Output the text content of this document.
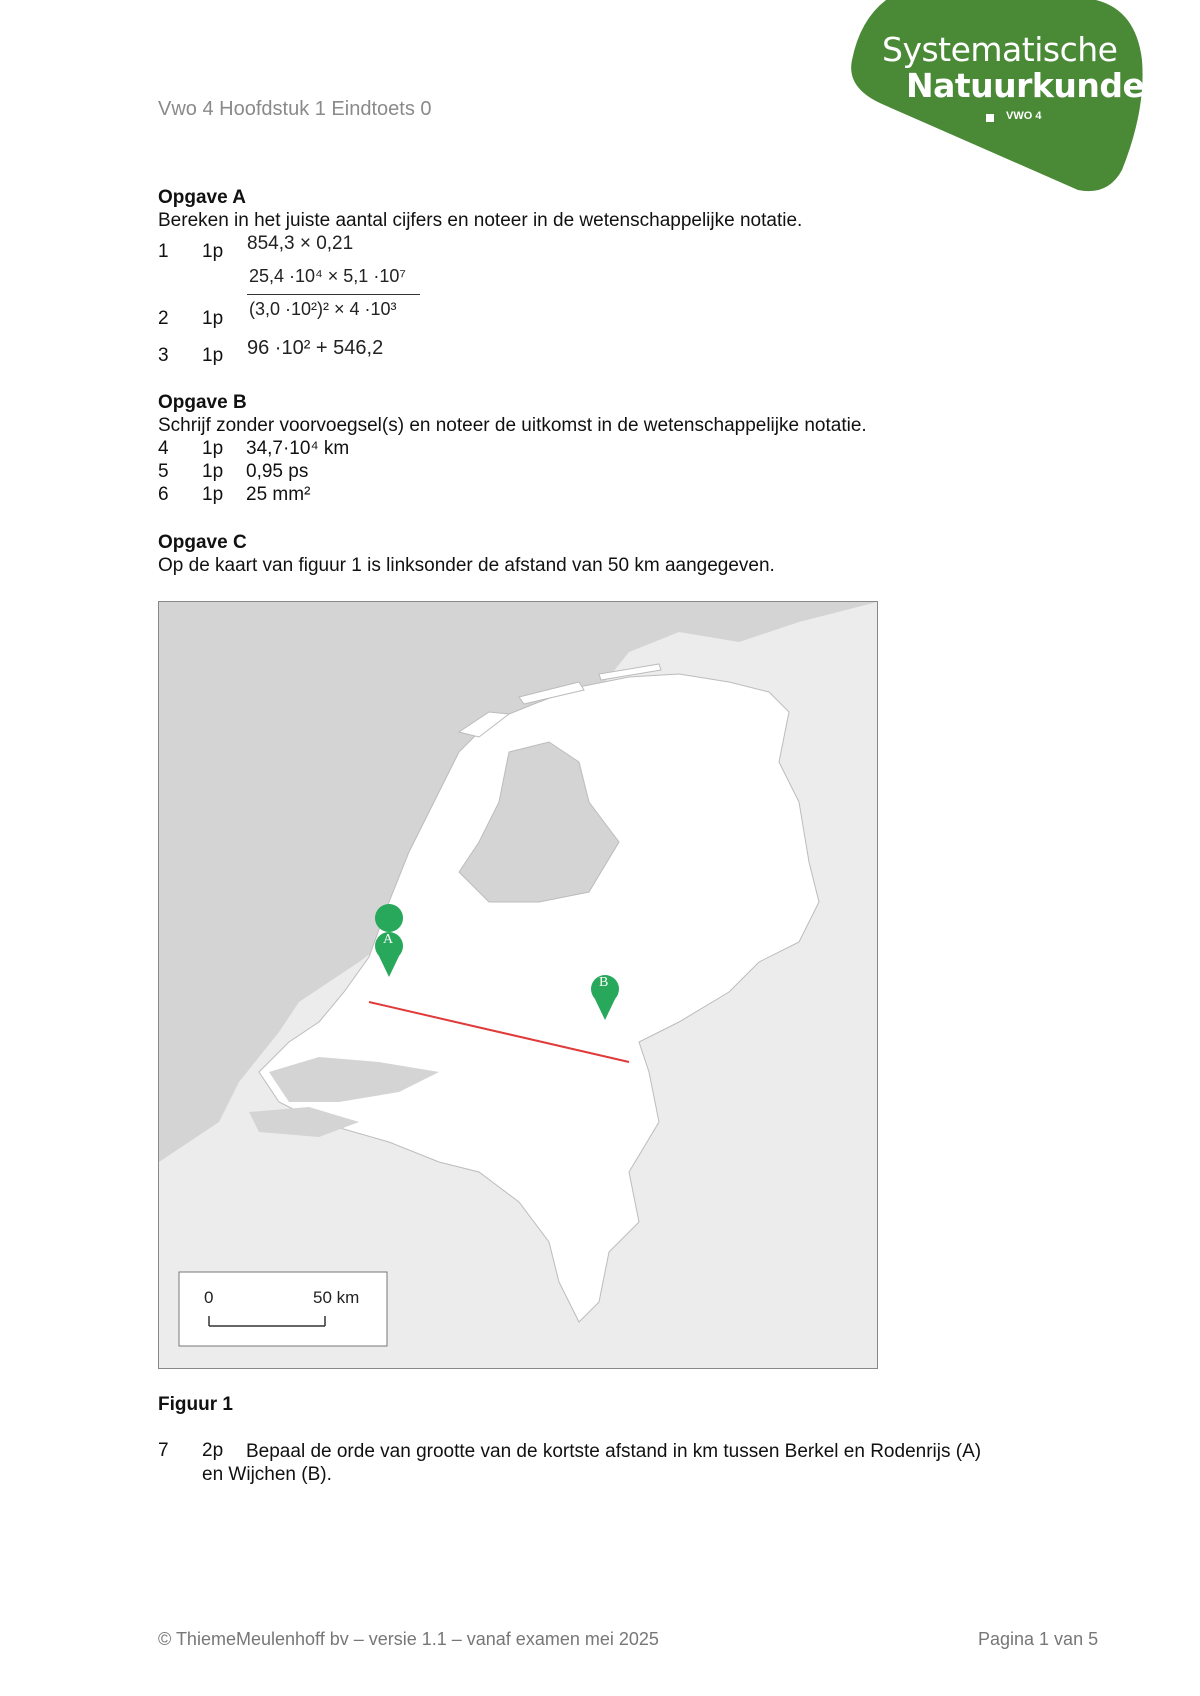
Vwo 4 Hoofdstuk 1 Eindtoets 0
Systematische
Natuurkunde
VWO 4
Opgave A
Bereken in het juiste aantal cijfers en noteer in de wetenschappelijke notatie.
1 1p 854,3 × 0,21
25,4 ·10⁴ × 5,1 ·10⁷
2 1p (3,0 ·10²)² × 4 ·10³
3 1p 96 ·10² + 546,2
Opgave B
Schrijf zonder voorvoegsel(s) en noteer de uitkomst in de wetenschappelijke notatie.
4 1p 34,7·10⁴ km
5 1p 0,95 ps
6 1p 25 mm²
Opgave C
Op de kaart van figuur 1 is linksonder de afstand van 50 km aangegeven.
A
B
0	50 km
Figuur 1
7 2p Bepaal de orde van grootte van de kortste afstand in km tussen Berkel en Rodenrijs (A)
en Wijchen (B).
© ThiemeMeulenhoff bv – versie 1.1 – vanaf examen mei 2025	Pagina 1 van 5
